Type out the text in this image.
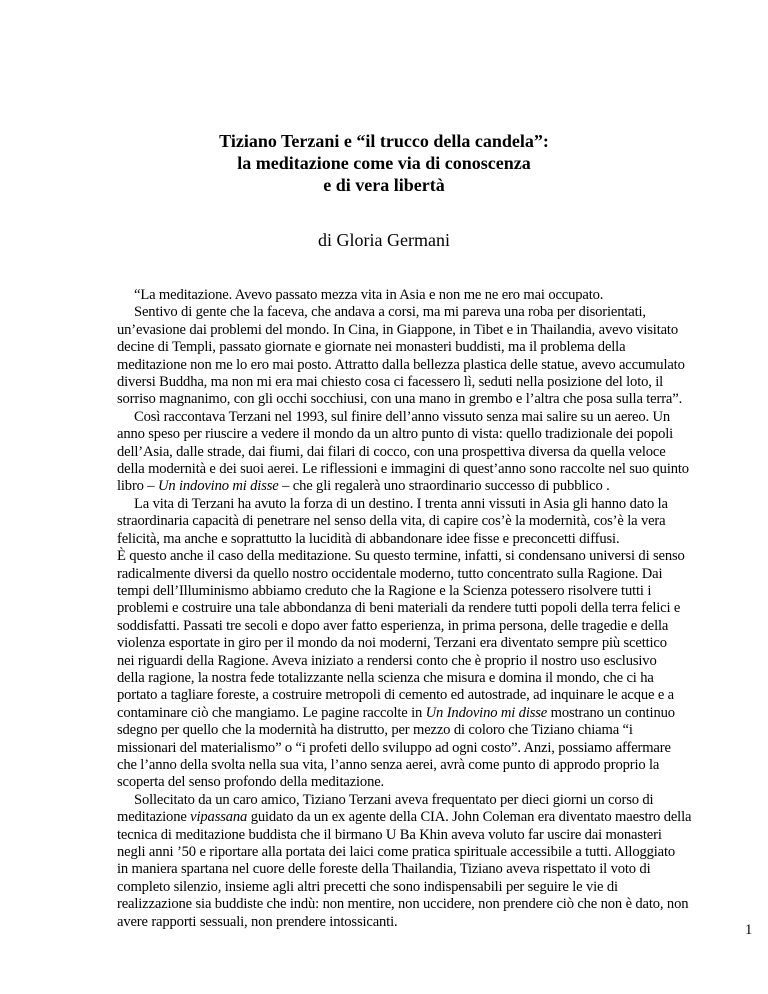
Tiziano Terzani e “il trucco della candela”:
la meditazione come via di conoscenza
e di vera libertà
di Gloria Germani
“La meditazione. Avevo passato mezza vita in Asia e non me ne ero mai occupato.
Sentivo di gente che la faceva, che andava a corsi, ma mi pareva una roba per disorientati,
un’evasione dai problemi del mondo. In Cina, in Giappone, in Tibet e in Thailandia, avevo visitato
decine di Templi, passato giornate e giornate nei monasteri buddisti, ma il problema della
meditazione non me lo ero mai posto. Attratto dalla bellezza plastica delle statue, avevo accumulato
diversi Buddha, ma non mi era mai chiesto cosa ci facessero lì, seduti nella posizione del loto, il
sorriso magnanimo, con gli occhi socchiusi, con una mano in grembo e l’altra che posa sulla terra”.
Così raccontava Terzani nel 1993, sul finire dell’anno vissuto senza mai salire su un aereo. Un
anno speso per riuscire a vedere il mondo da un altro punto di vista: quello tradizionale dei popoli
dell’Asia, dalle strade, dai fiumi, dai filari di cocco, con una prospettiva diversa da quella veloce
della modernità e dei suoi aerei. Le riflessioni e immagini di quest’anno sono raccolte nel suo quinto
libro – Un indovino mi disse – che gli regalerà uno straordinario successo di pubblico .
La vita di Terzani ha avuto la forza di un destino. I trenta anni vissuti in Asia gli hanno dato la
straordinaria capacità di penetrare nel senso della vita, di capire cos’è la modernità, cos’è la vera
felicità, ma anche e soprattutto la lucidità di abbandonare idee fisse e preconcetti diffusi.
È questo anche il caso della meditazione. Su questo termine, infatti, si condensano universi di senso
radicalmente diversi da quello nostro occidentale moderno, tutto concentrato sulla Ragione. Dai
tempi dell’Illuminismo abbiamo creduto che la Ragione e la Scienza potessero risolvere tutti i
problemi e costruire una tale abbondanza di beni materiali da rendere tutti popoli della terra felici e
soddisfatti. Passati tre secoli e dopo aver fatto esperienza, in prima persona, delle tragedie e della
violenza esportate in giro per il mondo da noi moderni, Terzani era diventato sempre più scettico
nei riguardi della Ragione. Aveva iniziato a rendersi conto che è proprio il nostro uso esclusivo
della ragione, la nostra fede totalizzante nella scienza che misura e domina il mondo, che ci ha
portato a tagliare foreste, a costruire metropoli di cemento ed autostrade, ad inquinare le acque e a
contaminare ciò che mangiamo. Le pagine raccolte in Un Indovino mi disse mostrano un continuo
sdegno per quello che la modernità ha distrutto, per mezzo di coloro che Tiziano chiama “i
missionari del materialismo” o “i profeti dello sviluppo ad ogni costo”. Anzi, possiamo affermare
che l’anno della svolta nella sua vita, l’anno senza aerei, avrà come punto di approdo proprio la
scoperta del senso profondo della meditazione.
Sollecitato da un caro amico, Tiziano Terzani aveva frequentato per dieci giorni un corso di
meditazione vipassana guidato da un ex agente della CIA. John Coleman era diventato maestro della
tecnica di meditazione buddista che il birmano U Ba Khin aveva voluto far uscire dai monasteri
negli anni ’50 e riportare alla portata dei laici come pratica spirituale accessibile a tutti. Alloggiato
in maniera spartana nel cuore delle foreste della Thailandia, Tiziano aveva rispettato il voto di
completo silenzio, insieme agli altri precetti che sono indispensabili per seguire le vie di
realizzazione sia buddiste che indù: non mentire, non uccidere, non prendere ciò che non è dato, non
avere rapporti sessuali, non prendere intossicanti.
1
